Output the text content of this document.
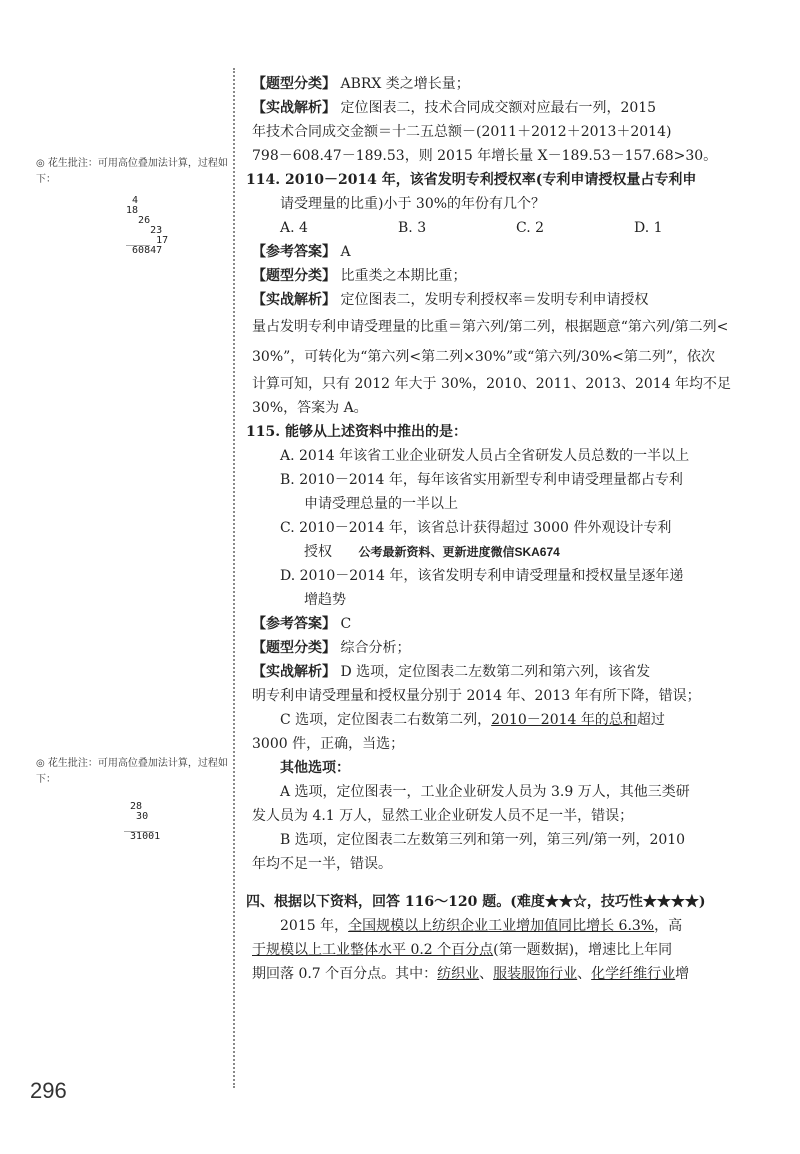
◎ 花生批注：可用高位叠加法计算，过程如下：
4
18
26
23
____ 17
60847
◎ 花生批注：可用高位叠加法计算，过程如下：
28
30
_____
31001

【题型分类】 ABRX 类之增长量；

【实战解析】 定位图表二，技术合同成交额对应最右一列，2015

年技术合同成交金额＝十二五总额－(2011＋2012＋2013＋2014)

798－608.47－189.53，则 2015 年增长量 X－189.53－157.68>30。

114. 2010－2014 年，该省发明专利授权率(专利申请授权量占专利申

请受理量的比重)小于 30%的年份有几个？

A. 4	B. 3	C. 2	D. 1

【参考答案】 A

【题型分类】 比重类之本期比重；

【实战解析】 定位图表二，发明专利授权率＝发明专利申请授权

量占发明专利申请受理量的比重＝第六列/第二列，根据题意“第六列/第二列<

30%”，可转化为“第六列<第二列×30%”或“第六列/30%<第二列”，依次

计算可知，只有 2012 年大于 30%，2010、2011、2013、2014 年均不足

30%，答案为 A。

115. 能够从上述资料中推出的是：

A. 2014 年该省工业企业研发人员占全省研发人员总数的一半以上

B. 2010－2014 年，每年该省实用新型专利申请受理量都占专利

申请受理总量的一半以上

C. 2010－2014 年，该省总计获得超过 3000 件外观设计专利

授权 公考最新资料、更新进度微信SKA674

D. 2010－2014 年，该省发明专利申请受理量和授权量呈逐年递

增趋势

【参考答案】 C

【题型分类】 综合分析；

【实战解析】 D 选项，定位图表二左数第二列和第六列，该省发

明专利申请受理量和授权量分别于 2014 年、2013 年有所下降，错误；

C 选项，定位图表二右数第二列，2010－2014 年的总和超过

3000 件，正确，当选；

其他选项：

A 选项，定位图表一，工业企业研发人员为 3.9 万人，其他三类研

发人员为 4.1 万人，显然工业企业研发人员不足一半，错误；

B 选项，定位图表二左数第三列和第一列，第三列/第一列，2010

年均不足一半，错误。

四、根据以下资料，回答 116～120 题。(难度★★☆，技巧性★★★★)

2015 年，全国规模以上纺织企业工业增加值同比增长 6.3%，高

于规模以上工业整体水平 0.2 个百分点(第一题数据)，增速比上年同

期回落 0.7 个百分点。其中：纺织业、服装服饰行业、化学纤维行业增

296
